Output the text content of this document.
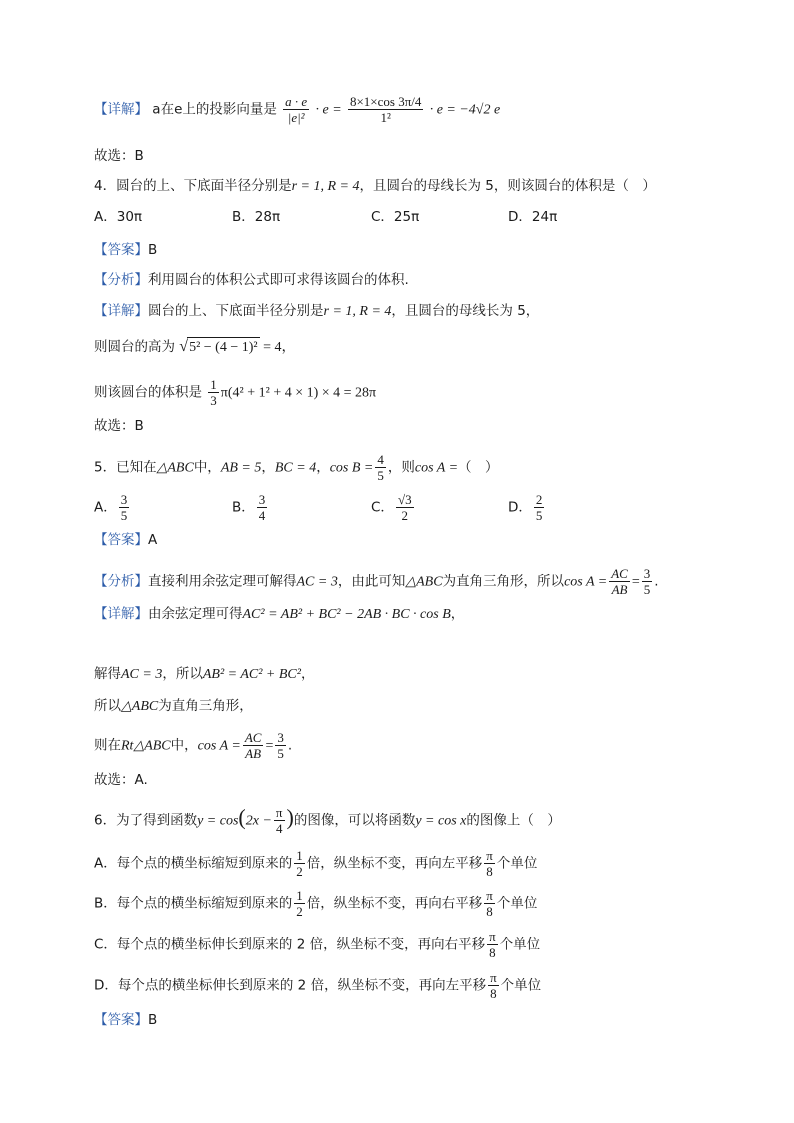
【详解】 a在e上的投影向量是 $\frac{a \cdot e}{\text{|e|²}} \cdot e = \frac{8\times 1\times\cos 3\pi/4}{\text{1²}} \cdot e = -4√2$ e
故选：B
4．圆台的上、下底面半径分别是r = 1, R = 4，且圆台的母线长为 5，则该圆台的体积是（　）
A．30π	B．28π	C．25π	D．24π
【答案】B
【分析】利用圆台的体积公式即可求得该圆台的体积.
【详解】圆台的上、下底面半径分别是r = 1, R = 4，且圆台的母线长为 5，
则圆台的高为 √5² − (4 − 1)² = 4，
则该圆台的体积是 $\frac{1}{3} \pi(4^2 + 1^2 + 4 \times 1) \times 4 = 28\pi$
故选：B
5．已知在△ABC中，AB = 5，BC = 4，$\cos B = \frac{4}{5}$ ，则cos A =（　）
A． $\frac{3}{5}$	B． $\frac{3}{4}$	C． $\frac{√3}{2}$	D． $\frac{2}{5}$
【答案】A
【分析】直接利用余弦定理可解得AC = 3，由此可知△ABC为直角三角形，所以$\cos A = \frac{AC}{AB} = \frac{3}{5}$ .
【详解】由余弦定理可得AC² = AB² + BC² − 2AB · BC · cos B，
解得AC = 3，所以AB² = AC² + BC²，
所以△ABC为直角三角形，
则在Rt△ABC中，$\cos A = \frac{AC}{AB} = \frac{3}{5}$ .
故选：A.
6．为了得到函数$y = \cos(2x - \frac{\pi}{4}$ )的图像，可以将函数y = cos x的图像上（　）
A．每个点的横坐标缩短到原来的 $\frac{1}{2}$ 倍，纵坐标不变，再向左平移 $\frac{\pi}{8}$ 个单位
B．每个点的横坐标缩短到原来的 $\frac{1}{2}$ 倍，纵坐标不变，再向右平移 $\frac{\pi}{8}$ 个单位
C．每个点的横坐标伸长到原来的 2 倍，纵坐标不变，再向右平移 $\frac{\pi}{8}$ 个单位
D．每个点的横坐标伸长到原来的 2 倍，纵坐标不变，再向左平移 $\frac{\pi}{8}$ 个单位
【答案】B
